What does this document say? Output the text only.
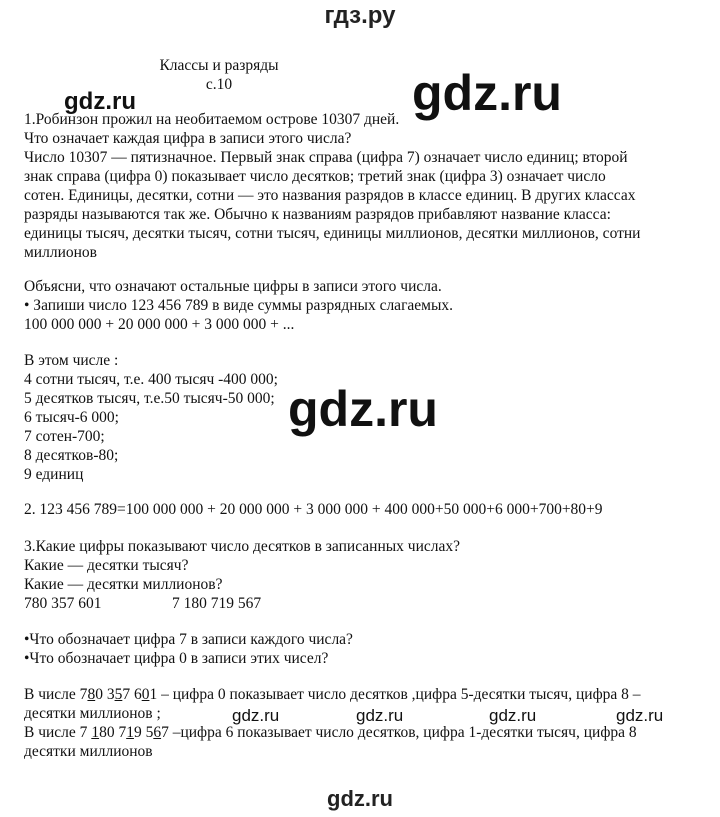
гдз.ру
gdz.ru
gdz.ru
gdz.ru
gdz.ru	gdz.ru	gdz.ru	gdz.ru
Классы и разряды
с.10
1.Робинзон прожил на необитаемом острове 10307 дней.
Что означает каждая цифра в записи этого числа?
Число 10307 — пятизначное. Первый знак справа (цифра 7) означает число единиц; второй
знак справа (цифра 0) показывает число десятков; третий знак (цифра 3) означает число
сотен. Единицы, десятки, сотни — это названия разрядов в классе единиц. В других классах
разряды называются так же. Обычно к названиям разрядов прибавляют название класса:
единицы тысяч, десятки тысяч, сотни тысяч, единицы миллионов, десятки миллионов, сотни
миллионов
Объясни, что означают остальные цифры в записи этого числа.
• Запиши число 123 456 789 в виде суммы разрядных слагаемых.
100 000 000 + 20 000 000 + 3 000 000 + ...
В этом числе :
4 сотни тысяч, т.е. 400 тысяч -400 000;
5 десятков тысяч, т.е.50 тысяч-50 000;
6 тысяч-6 000;
7 сотен-700;
8 десятков-80;
9 единиц
2. 123 456 789=100 000 000 + 20 000 000 + 3 000 000 + 400 000+50 000+6 000+700+80+9
3.Какие цифры показывают число десятков в записанных числах?
Какие — десятки тысяч?
Какие — десятки миллионов?
780 357 601	7 180 719 567
•Что обозначает цифра 7 в записи каждого числа?
•Что обозначает цифра 0 в записи этих чисел?
В числе 780 357 601 – цифра 0 показывает число десятков ,цифра 5-десятки тысяч, цифра 8 –
десятки миллионов ;
В числе 7 180 719 567 –цифра 6 показывает число десятков, цифра 1-десятки тысяч, цифра 8
десятки миллионов
gdz.ru
